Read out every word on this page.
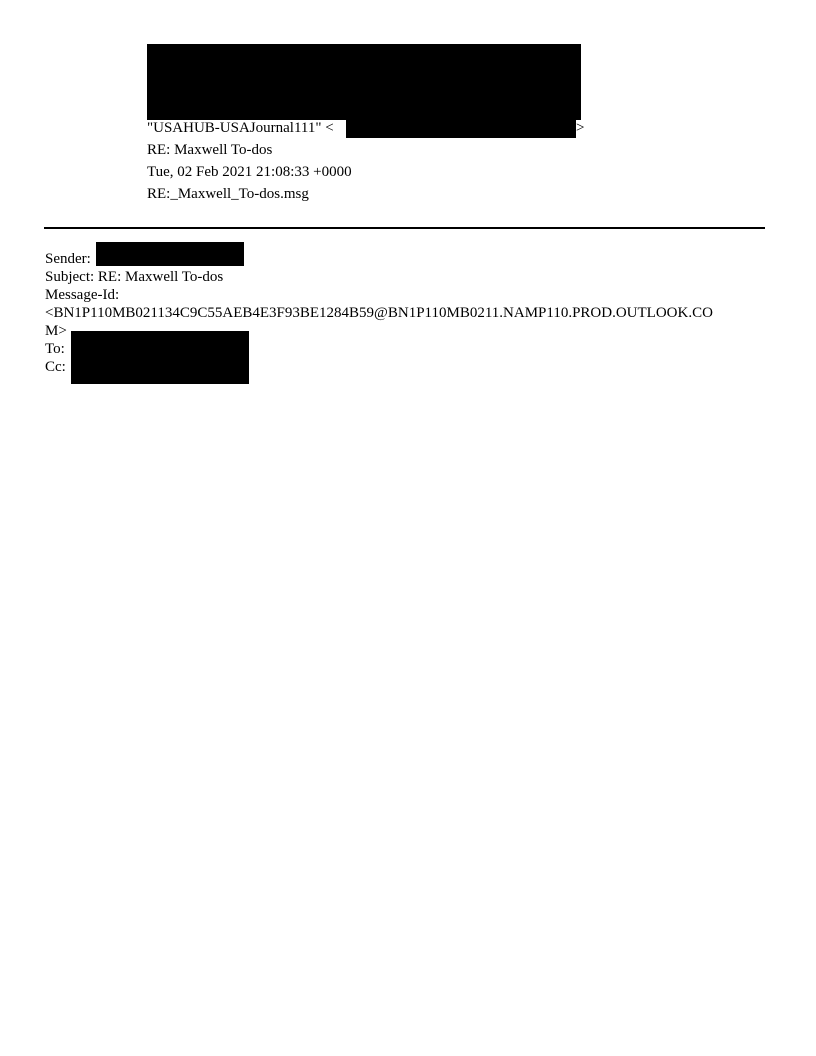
"USAHUB-USAJournal111" <	>
RE: Maxwell To-dos
Tue, 02 Feb 2021 21:08:33 +0000
RE:_Maxwell_To-dos.msg
Sender:
Subject: RE: Maxwell To-dos
Message-Id:
<BN1P110MB021134C9C55AEB4E3F93BE1284B59@BN1P110MB0211.NAMP110.PROD.OUTLOOK.CO
M>
To:
Cc:
